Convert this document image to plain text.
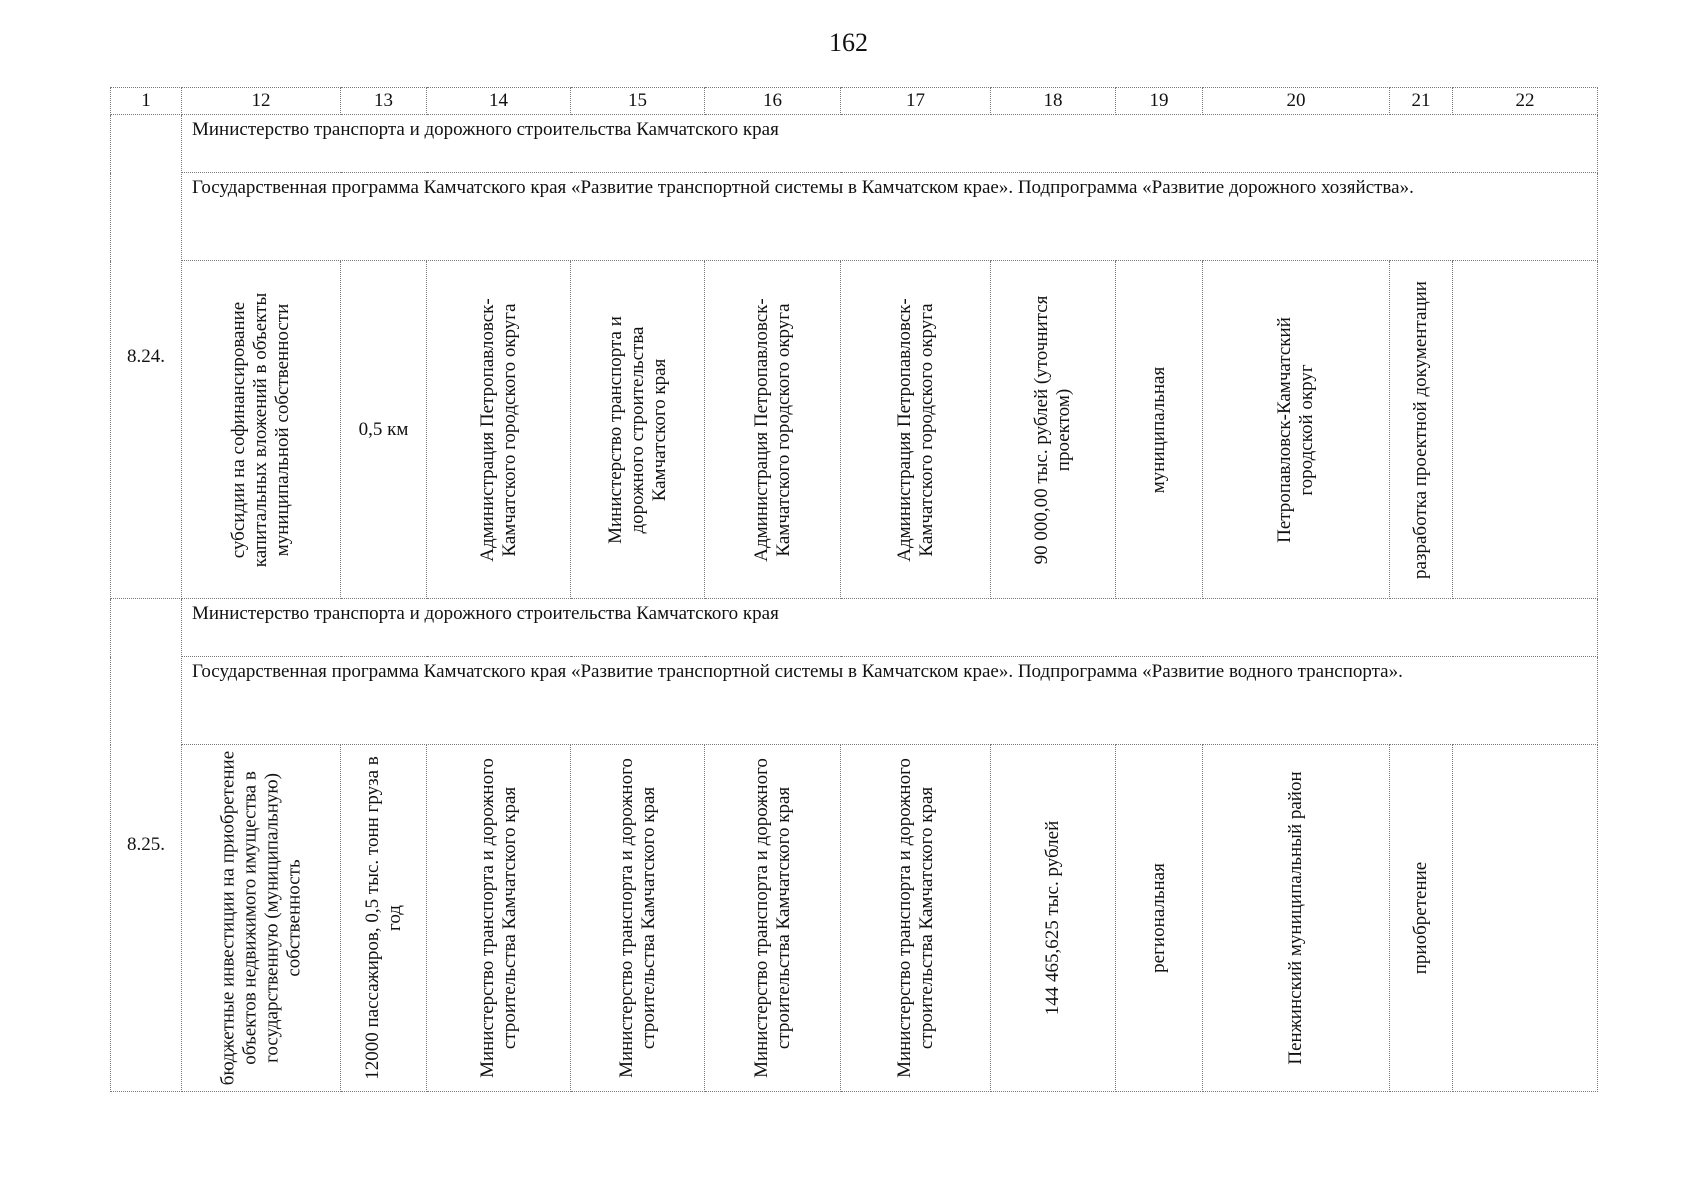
162
1	12	13	14	15	16	17	18	19	20	21	22
8.24.	Министерство транспорта и дорожного строительства Камчатского края										
	Государственная программа Камчатского края «Развитие транспортной системы в Камчатском крае». Подпрограмма «Развитие дорожного хозяйства».										

	субсидии на софинансирование капитальных вложений в объекты муниципальной собственности	0,5 км	Администрация Петропавловск-Камчатского городского округа	Министерство транспорта и дорожного строительства Камчатского края	Администрация Петропавловск-Камчатского городского округа	Администрация Петропавловск-Камчатского городского округа	90 000,00 тыс. рублей (уточнится проектом)	муниципальная	Петропавловск-Камчатский городской округ	разработка проектной документации	

8.25.	Министерство транспорта и дорожного строительства Камчатского края										
	Государственная программа Камчатского края «Развитие транспортной системы в Камчатском крае». Подпрограмма «Развитие водного транспорта».										

	бюджетные инвестиции на приобретение объектов недвижимого имущества в государственную (муниципальную) собственность	12000 пассажиров, 0,5 тыс. тонн груза в год	Министерство транспорта и дорожного строительства Камчатского края	Министерство транспорта и дорожного строительства Камчатского края	Министерство транспорта и дорожного строительства Камчатского края	Министерство транспорта и дорожного строительства Камчатского края	144 465,625 тыс. рублей	региональная	Пенжинский муниципальный район	приобретение	
